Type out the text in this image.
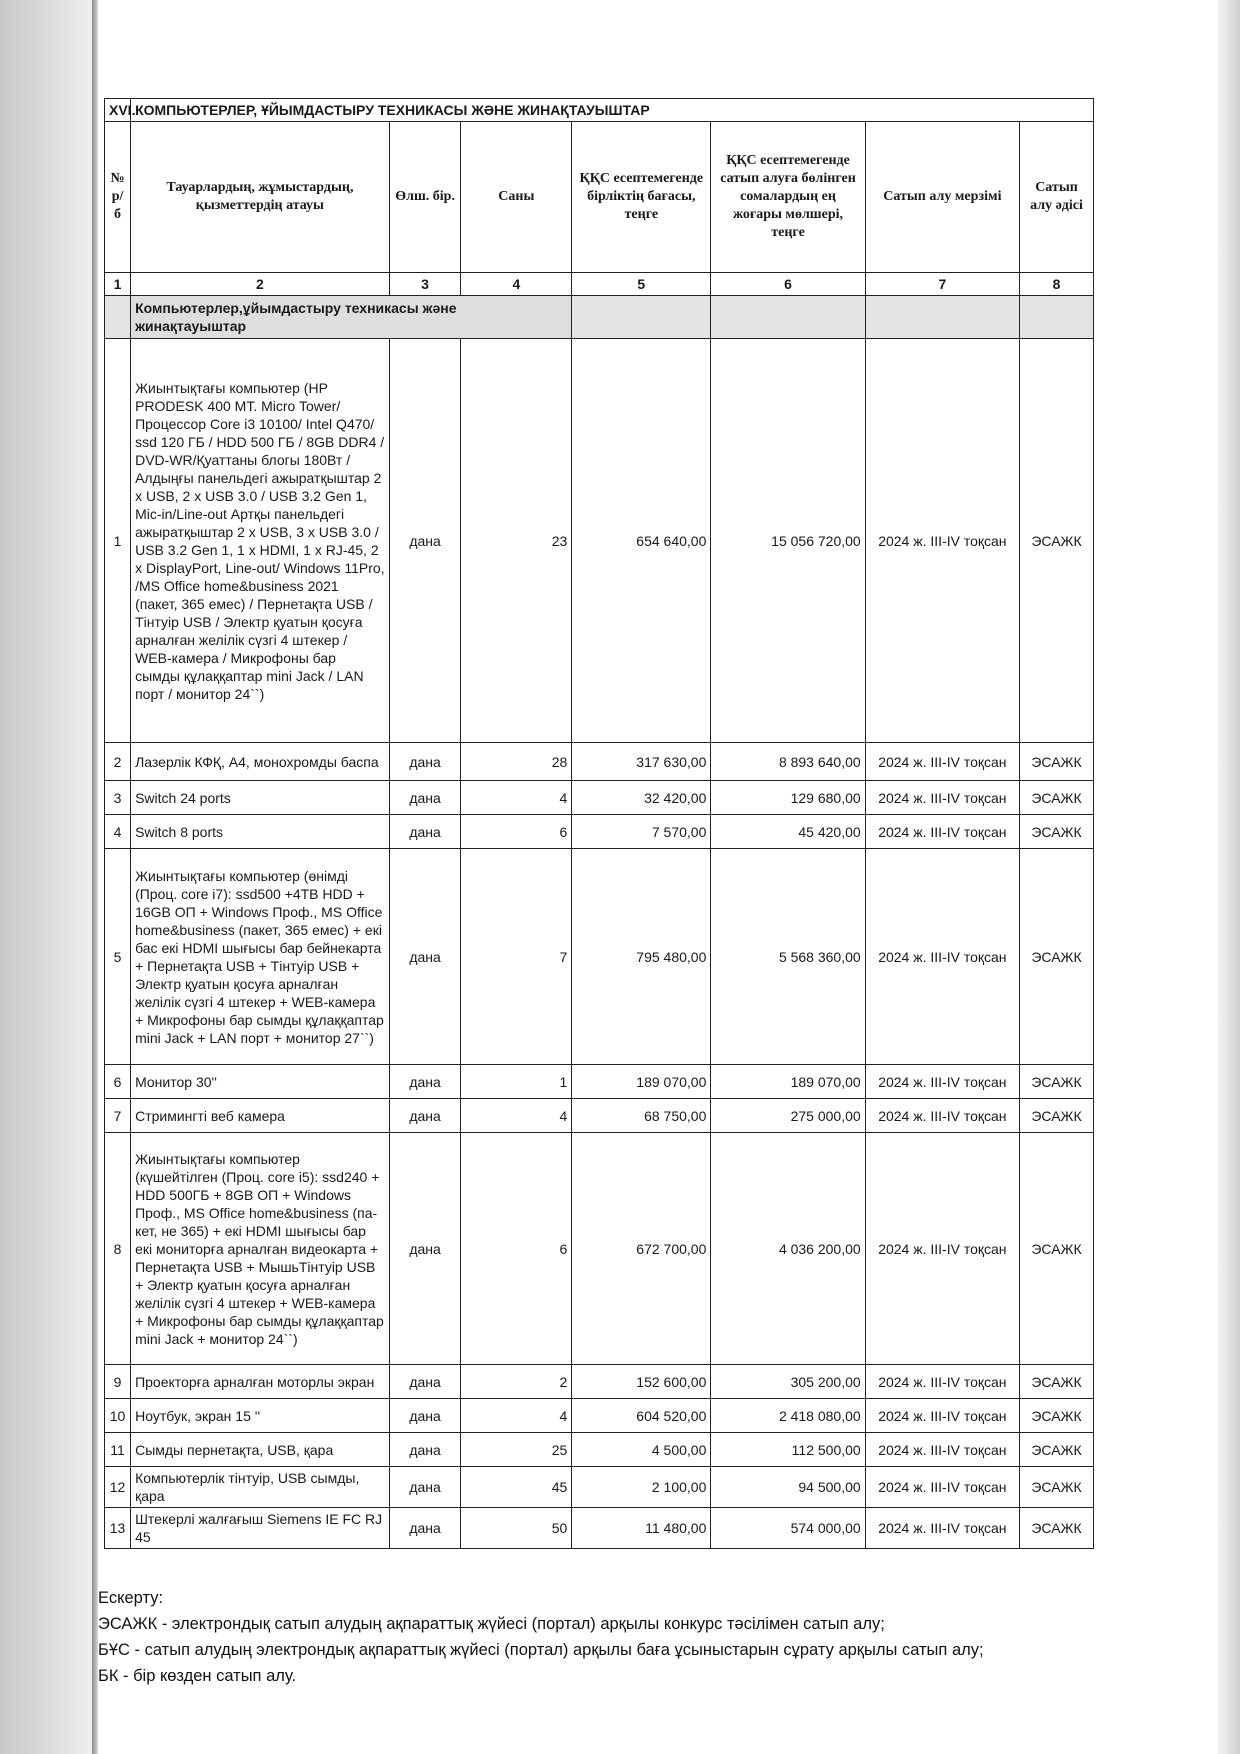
XVI.	КОМПЬЮТЕРЛЕР, ҰЙЫМДАСТЫРУ ТЕХНИКАСЫ ЖӘНЕ ЖИНАҚТАУЫШТАР						
№ р/б	Тауарлардың, жұмыстардың, қызметтердің атауы	Өлш. бір.	Саны	ҚҚС есептемегенде бірліктің бағасы, теңге	ҚҚС есептемегенде сатып алуға бөлінген сомалардың ең жоғары мөлшері, теңге	Сатып алу мерзімі	Сатып алу әдісі
1	2	3	4	5	6	7	8
	Компьютерлер,ұйымдастыру техникасы және жинақтауыштар						
1	Жиынтықтағы компьютер (HP PRODESK 400 MT. Micro Tower/ Процессор Core i3 10100/ Intel Q470/ ssd 120 ГБ / HDD 500 ГБ / 8GB DDR4 / DVD-WR/Қуаттаны блогы 180Вт / Алдыңғы панельдегі ажыратқыштар 2 x USB, 2 x USB 3.0 / USB 3.2 Gen 1, Mic-in/Line-out Артқы панельдегі ажыратқыштар 2 x USB, 3 x USB 3.0 / USB 3.2 Gen 1, 1 x HDMI, 1 x RJ-45, 2 x DisplayPort, Line-out/ Windows 11Pro, /MS Office home&business 2021 (пакет, 365 емес) / Пернетақта USB / Тінтуір USB / Электр қуатын қосуға арналған желілік сүзгі 4 штекер / WEB-камера / Микрофоны бар сымды құлаққаптар mini Jack / LAN порт / монитор 24``)	дана	23	654 640,00	15 056 720,00	2024 ж. III-IV тоқсан	ЭСАЖК
2	Лазерлік КФҚ, А4, монохромды баспа	дана	28	317 630,00	8 893 640,00	2024 ж. III-IV тоқсан	ЭСАЖК
3	Switch 24 ports	дана	4	32 420,00	129 680,00	2024 ж. III-IV тоқсан	ЭСАЖК
4	Switch 8 ports	дана	6	7 570,00	45 420,00	2024 ж. III-IV тоқсан	ЭСАЖК
5	Жиынтықтағы компьютер (өнімді (Проц. core i7): ssd500 +4TB HDD + 16GB ОП + Windows Проф., MS Office home&business (пакет, 365 емес) + екі бас екі HDMI шығысы бар бейнекарта + Пернетақта USB + Тінтуір USB + Электр қуатын қосуға арналған желілік сүзгі 4 штекер + WEB-камера + Микрофоны бар сымды құлаққаптар mini Jack + LAN порт + монитор 27``)	дана	7	795 480,00	5 568 360,00	2024 ж. III-IV тоқсан	ЭСАЖК
6	Монитор 30''	дана	1	189 070,00	189 070,00	2024 ж. III-IV тоқсан	ЭСАЖК
7	Стримингті веб камера	дана	4	68 750,00	275 000,00	2024 ж. III-IV тоқсан	ЭСАЖК
8	Жиынтықтағы компьютер (күшейтілген (Проц. core i5): ssd240 + HDD 500ГБ + 8GB ОП + Windows Проф., MS Office home&business (па-кет, не 365) + екі HDMI шығысы бар екі мониторға арналған видеокарта + Пернетақта USB + МышьТінтуір USB + Электр қуатын қосуға арналған желілік сүзгі 4 штекер + WEB-камера + Микрофоны бар сымды құлаққаптар mini Jack + монитор 24``)	дана	6	672 700,00	4 036 200,00	2024 ж. III-IV тоқсан	ЭСАЖК
9	Проекторға арналған моторлы экран	дана	2	152 600,00	305 200,00	2024 ж. III-IV тоқсан	ЭСАЖК
10	Ноутбук, экран 15 ''	дана	4	604 520,00	2 418 080,00	2024 ж. III-IV тоқсан	ЭСАЖК
11	Сымды пернетақта, USB, қара	дана	25	4 500,00	112 500,00	2024 ж. III-IV тоқсан	ЭСАЖК
12	Компьютерлік тінтуір, USB сымды, қара	дана	45	2 100,00	94 500,00	2024 ж. III-IV тоқсан	ЭСАЖК
13	Штекерлі жалғағыш Siemens IE FC RJ 45	дана	50	11 480,00	574 000,00	2024 ж. III-IV тоқсан	ЭСАЖК
Ескерту:
ЭСАЖК - электрондық сатып алудың ақпараттық жүйесі (портал) арқылы конкурс тәсілімен сатып алу;
БҰС - сатып алудың электрондық ақпараттық жүйесі (портал) арқылы баға ұсыныстарын сұрату арқылы сатып алу;
БК - бір көзден сатып алу.
